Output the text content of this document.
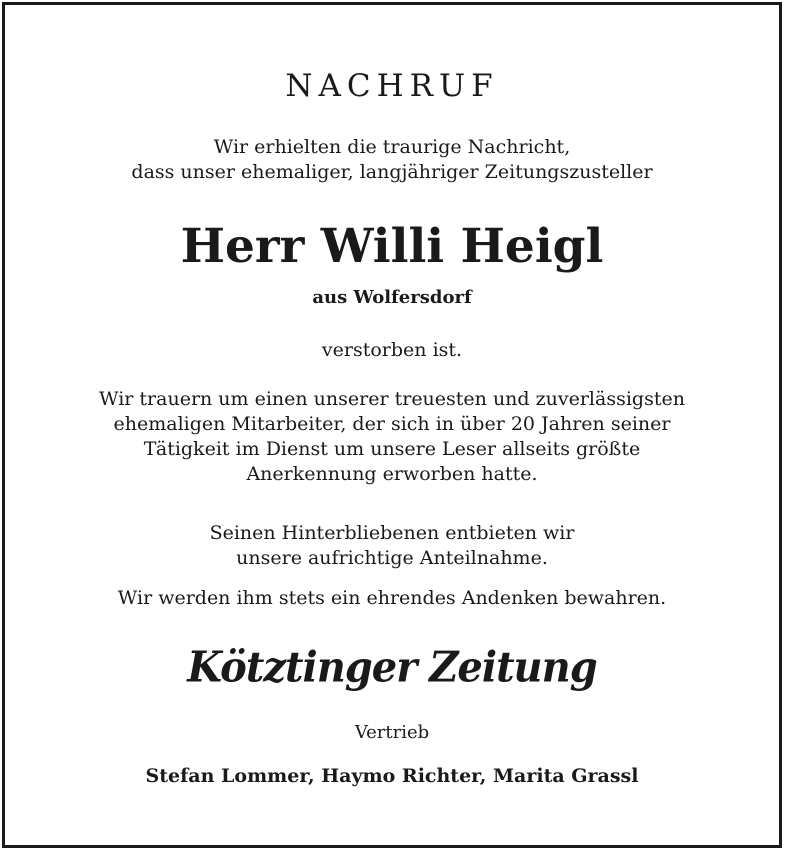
NACHRUF
Wir erhielten die traurige Nachricht,
dass unser ehemaliger, langjähriger Zeitungszusteller
Herr Willi Heigl
aus Wolfersdorf
verstorben ist.
Wir trauern um einen unserer treuesten und zuverlässigsten
ehemaligen Mitarbeiter, der sich in über 20 Jahren seiner
Tätigkeit im Dienst um unsere Leser allseits größte
Anerkennung erworben hatte.
Seinen Hinterbliebenen entbieten wir
unsere aufrichtige Anteilnahme.
Wir werden ihm stets ein ehrendes Andenken bewahren.
Kötztinger Zeitung
Vertrieb
Stefan Lommer, Haymo Richter, Marita Grassl
